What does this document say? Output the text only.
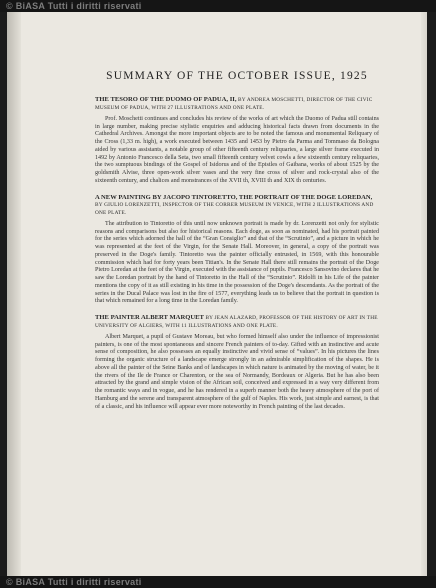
© BiASA Tutti i diritti riservati
SUMMARY OF THE OCTOBER ISSUE, 1925

THE TESORO OF THE DUOMO OF PADUA, II, BY ANDREA MOSCHETTI, DIRECTOR OF THE CIVIC MUSEUM OF PADUA, WITH 27 ILLUSTRATIONS AND ONE PLATE.

Prof. Moschetti continues and concludes his review of the works of art which the Duomo of Padua still contains in large number, making precise stylistic enquiries and adducing historical facts drawn from documents in the Cathedral Archives. Amongst the more important objects are to be noted the famous and monumental Reliquary of the Cross (1,33 m. high), a work executed between 1435 and 1453 by Pietro da Parma and Tommaso da Bologna aided by various assistants, a notable group of other fifteenth century reliquaries, a large silver frame executed in 1492 by Antonio Francesco della Seta, two small fifteenth century velvet cowls a few sixteenth century reliquaries, the two sumptuous bindings of the Gospel of Isidorus and of the Epistles of Gaibana, works of about 1525 by the goldsmith Alvise, three open-work silver vases and the very fine cross of silver and rock-crystal also of the sixteenth century, and chalices and monstrances of the XVII th, XVIII th and XIX th centuries.

A NEW PAINTING BY JACOPO TINTORETTO, THE PORTRAIT OF THE DOGE LOREDAN, BY GIULIO LORENZETTI, INSPECTOR OF THE CORRER MUSEUM IN VENICE, WITH 2 ILLUSTRATIONS AND ONE PLATE.

The attribution to Tintoretto of this until now unknown portrait is made by dr. Lorenzetti not only for stylistic reasons and comparisons but also for historical reasons. Each doge, as soon as nominated, had his portrait painted for the series which adorned the hall of the “Gran Consiglio” and that of the “Scrutinio”, and a picture in which he was represented at the feet of the Virgin, for the Senate Hall. Moreover, in general, a copy of the portrait was preserved in the Doge's family. Tintoretto was the painter officially entrusted, in 1569, with this honourable commission which had for forty years been Titian's. In the Senate Hall there still remains the portrait of the Doge Pietro Loredan at the feet of the Virgin, executed with the assistance of pupils. Francesco Sansovino declares that he saw the Loredan portrait by the hand of Tintoretto in the Hall of the “Scrutinio”. Ridolfi in his Life of the painter mentions the copy of it as still existing in his time in the possession of the Doge's descendants. As the portrait of the series in the Ducal Palace was lost in the fire of 1577, everything leads us to believe that the portrait in question is that which remained for a long time in the Loredan family.

THE PAINTER ALBERT MARQUET BY JEAN ALAZARD, PROFESSOR OF THE HISTORY OF ART IN THE UNIVERSITY OF ALGIERS, WITH 11 ILLUSTRATIONS AND ONE PLATE.

Albert Marquet, a pupil of Gustave Moreau, but who formed himself also under the influence of impressionist painters, is one of the most spontaneous and sincere French painters of to-day. Gifted with an instinctive and acute sense of composition, he also possesses an equally instinctive and vivid sense of “values”. In his pictures the lines forming the organic structure of a landscape emerge strongly in an admirable simplification of the shapes. He is above all the painter of the Seine Banks and of landscapes in which nature is animated by the moving of water, be it the rivers of the Ile de France or Charenton, or the sea of Normandy, Bordeaux or Algeria. But he has also been attracted by the grand and simple vision of the African soil, conceived and expressed in a way very different from the romantic ways and in vogue, and he has rendered in a superb manner both the heavy atmosphere of the port of Hamburg and the serene and transparent atmosphere of the gulf of Naples. His work, just simple and earnest, is that of a classic, and his influence will appear ever more noteworthy in French painting of the last decades.

© BiASA Tutti i diritti riservati
